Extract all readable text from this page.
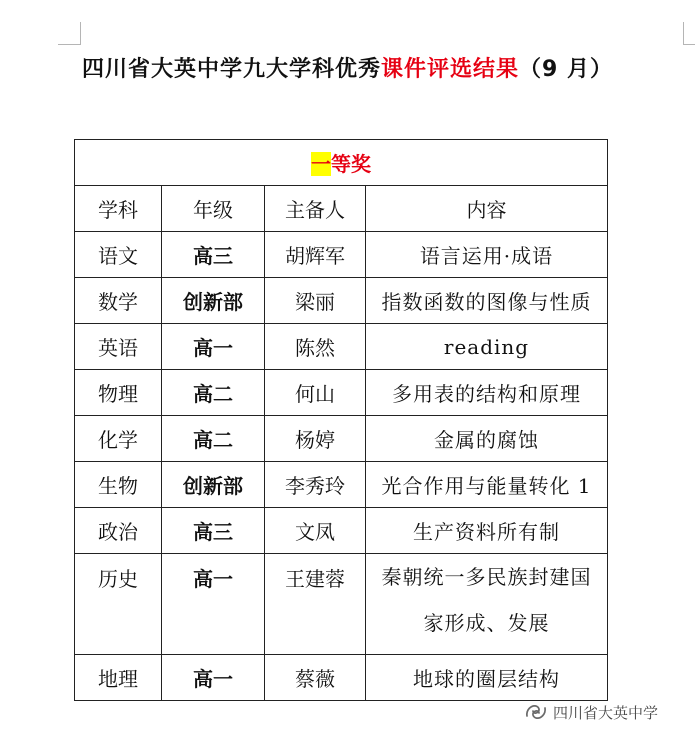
四川省大英中学九大学科优秀课件评选结果（9 月）
一等奖			
学科	年级	主备人	内容
语文	高三	胡辉军	语言运用·成语
数学	创新部	梁丽	指数函数的图像与性质
英语	高一	陈然	reading
物理	高二	何山	多用表的结构和原理
化学	高二	杨婷	金属的腐蚀
生物	创新部	李秀玲	光合作用与能量转化 1
政治	高三	文凤	生产资料所有制
历史	高一	王建蓉	秦朝统一多民族封建国
家形成、发展

地理	高一	蔡薇	地球的圈层结构
四川省大英中学
